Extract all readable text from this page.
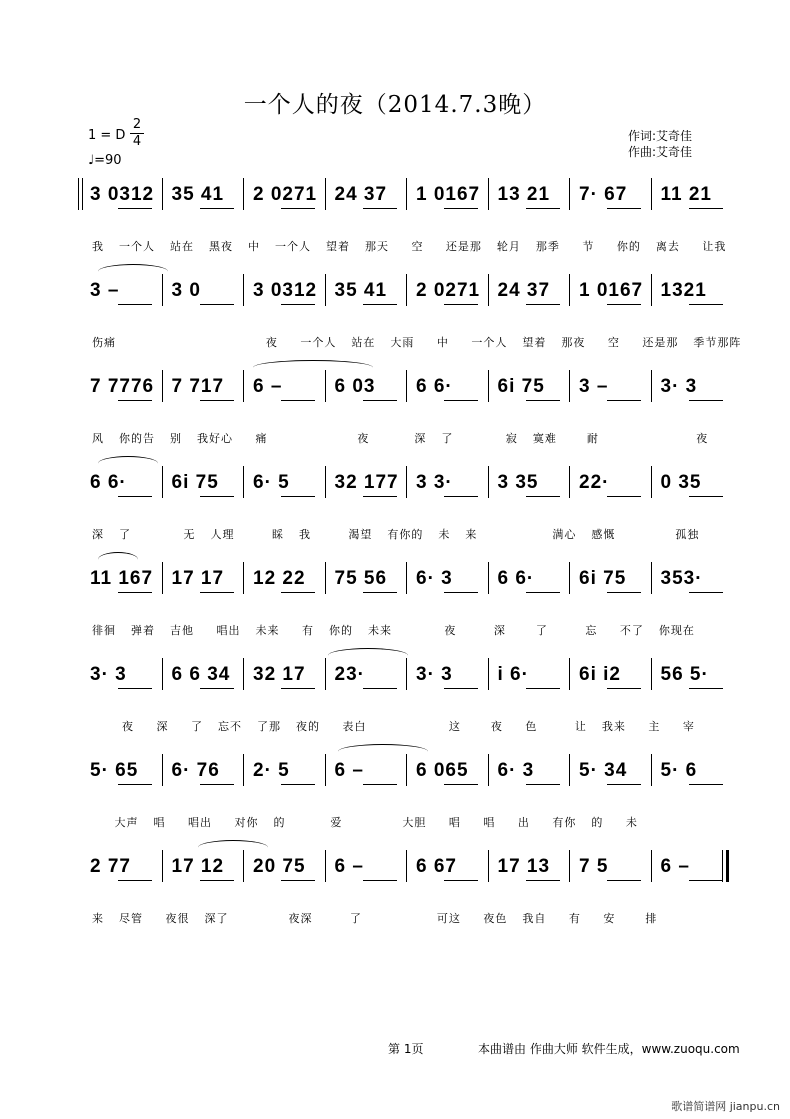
一个人的夜（2014.7.3晚）
1 = D
2
4
♩=90
作词:艾奇佳
作曲:艾奇佳
3 0312 35 41 2 0271 24 37 1 0167 13 21 7· 67 11 21
我  一个人  站在  黑夜  中  一个人  望着  那天   空   还是那  轮月  那季   节   你的  离去   让我
3 –	3 0	3 0312 35 41 2 0271 24 37 1 0167 1321
伤痛                    夜   一个人  站在  大雨   中   一个人  望着  那夜   空   还是那  季节那阵
7 7776 7 717 6 –	6 03 6 6· 6i 75 3 –	3· 3
风  你的告  别  我好心   痛            夜      深  了       寂  寞难    耐             夜
6 6· 6i 75 6· 5 32 177 3 3· 3 35 22·	0 35
深  了       无  人理     睬  我     渴望  有你的  未  来          满心  感慨        孤独
11 167 17 17 12 22 75 56 6· 3 6 6· 6i 75 353·
徘徊  弹着  吉他   唱出  未来   有  你的  未来       夜     深    了     忘   不了  你现在
3· 3 6 6 34 32 17 23·	3· 3 i 6·	6i i2 56 5·
夜   深   了  忘不  了那  夜的   表白           这    夜   色     让  我来   主   宰
5· 65 6· 76 2· 5 6 –	6 065 6· 3 5· 34 5· 6
大声  唱   唱出   对你  的      爱        大胆   唱   唱   出   有你  的   未
2 77 17 12 20 75 6 –	6 67 17 13 7 5	6 –
来  尽管   夜很  深了        夜深     了          可这   夜色  我自   有   安    排
第 1页	本曲谱由 作曲大师 软件生成，www.zuoqu.com
歌谱简谱网 jianpu.cn
